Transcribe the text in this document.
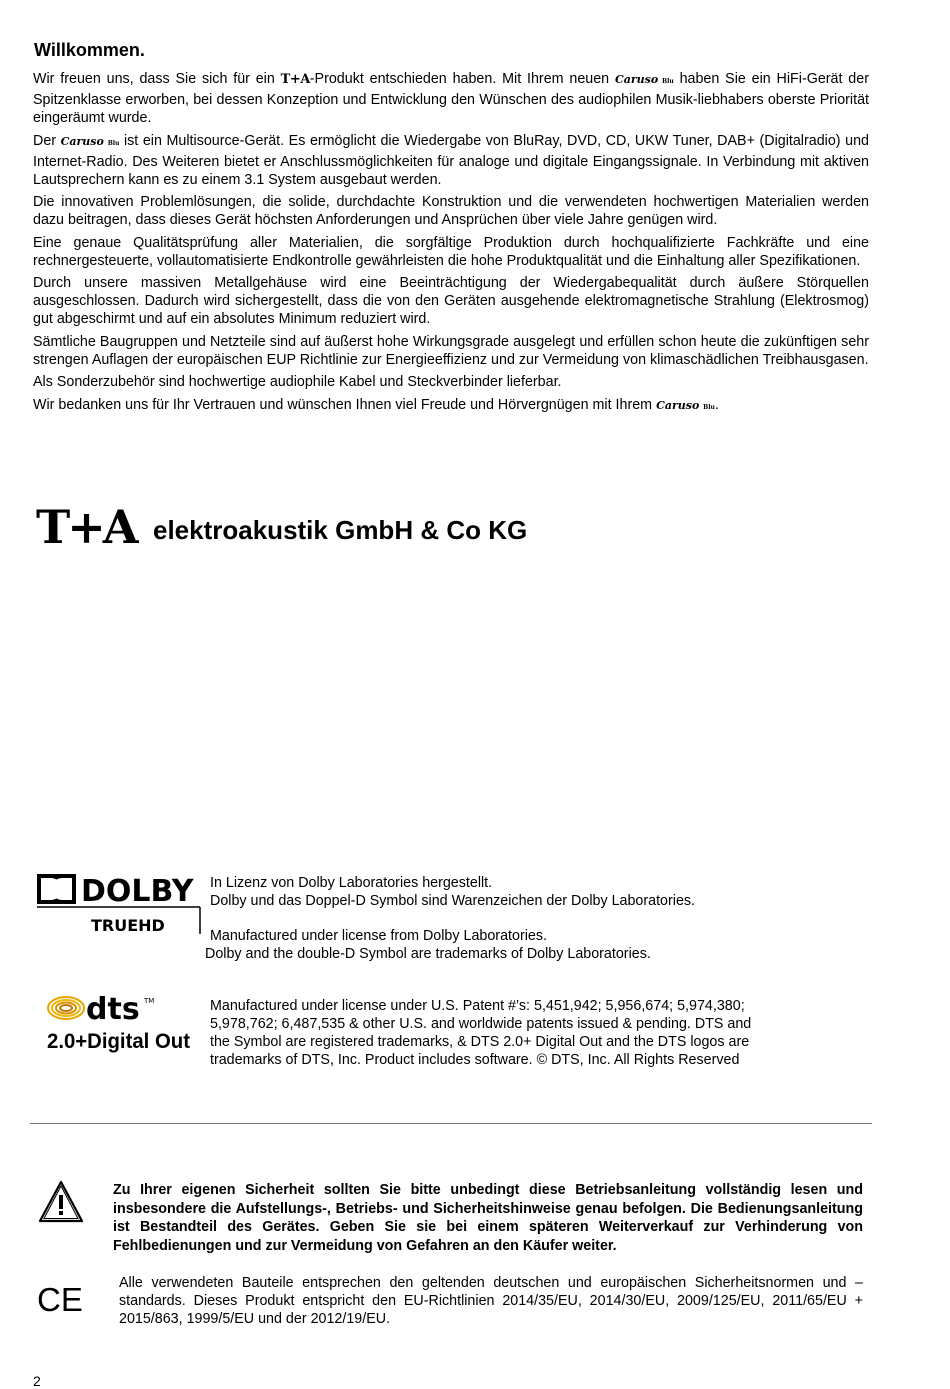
Willkommen.

Wir freuen uns, dass Sie sich für ein T+A-Produkt entschieden haben. Mit Ihrem neuen Caruso Blu haben Sie ein HiFi-Gerät der Spitzenklasse erworben, bei dessen Konzeption und Entwicklung den Wünschen des audiophilen Musik-liebhabers oberste Priorität eingeräumt wurde.

Der Caruso Blu ist ein Multisource-Gerät. Es ermöglicht die Wiedergabe von BluRay, DVD, CD, UKW Tuner, DAB+ (Digitalradio) und Internet-Radio. Des Weiteren bietet er Anschlussmöglichkeiten für analoge und digitale Eingangssignale. In Verbindung mit aktiven Lautsprechern kann es zu einem 3.1 System ausgebaut werden.

Die innovativen Problemlösungen, die solide, durchdachte Konstruktion und die verwendeten hochwertigen Materialien werden dazu beitragen, dass dieses Gerät höchsten Anforderungen und Ansprüchen über viele Jahre genügen wird.

Eine genaue Qualitätsprüfung aller Materialien, die sorgfältige Produktion durch hochqualifizierte Fachkräfte und eine rechnergesteuerte, vollautomatisierte Endkontrolle gewährleisten die hohe Produktqualität und die Einhaltung aller Spezifikationen.

Durch unsere massiven Metallgehäuse wird eine Beeinträchtigung der Wiedergabequalität durch äußere Störquellen ausgeschlossen. Dadurch wird sichergestellt, dass die von den Geräten ausgehende elektromagnetische Strahlung (Elektrosmog) gut abgeschirmt und auf ein absolutes Minimum reduziert wird.

Sämtliche Baugruppen und Netzteile sind auf äußerst hohe Wirkungsgrade ausgelegt und erfüllen schon heute die zukünftigen sehr strengen Auflagen der europäischen EUP Richtlinie zur Energieeffizienz und zur Vermeidung von klimaschädlichen Treibhausgasen.

Als Sonderzubehör sind hochwertige audiophile Kabel und Steckverbinder lieferbar.

Wir bedanken uns für Ihr Vertrauen und wünschen Ihnen viel Freude und Hörvergnügen mit Ihrem Caruso Blu.

T+A elektroakustik GmbH & Co KG
DOLBY
TRUEHD
In Lizenz von Dolby Laboratories hergestellt.
Dolby und das Doppel-D Symbol sind Warenzeichen der Dolby Laboratories.
Manufactured under license from Dolby Laboratories.
Dolby and the double-D Symbol are trademarks of Dolby Laboratories.
dts TM
2.0+Digital Out
Manufactured under license under U.S. Patent #’s: 5,451,942; 5,956,674; 5,974,380;
5,978,762; 6,487,535 & other U.S. and worldwide patents issued & pending. DTS and
the Symbol are registered trademarks, & DTS 2.0+ Digital Out and the DTS logos are
trademarks of DTS, Inc. Product includes software. © DTS, Inc. All Rights Reserved
Zu Ihrer eigenen Sicherheit sollten Sie bitte unbedingt diese Betriebsanleitung vollständig lesen und insbesondere die Aufstellungs-, Betriebs- und Sicherheitshinweise genau befolgen. Die Bedienungsanleitung ist Bestandteil des Gerätes. Geben Sie sie bei einem späteren Weiterverkauf zur Verhinderung von Fehlbedienungen und zur Vermeidung von Gefahren an den Käufer weiter.
CE	Alle verwendeten Bauteile entsprechen den geltenden deutschen und europäischen Sicherheitsnormen und –standards. Dieses Produkt entspricht den EU-Richtlinien 2014/35/EU, 2014/30/EU, 2009/125/EU, 2011/65/EU + 2015/863, 1999/5/EU und der 2012/19/EU.
2
